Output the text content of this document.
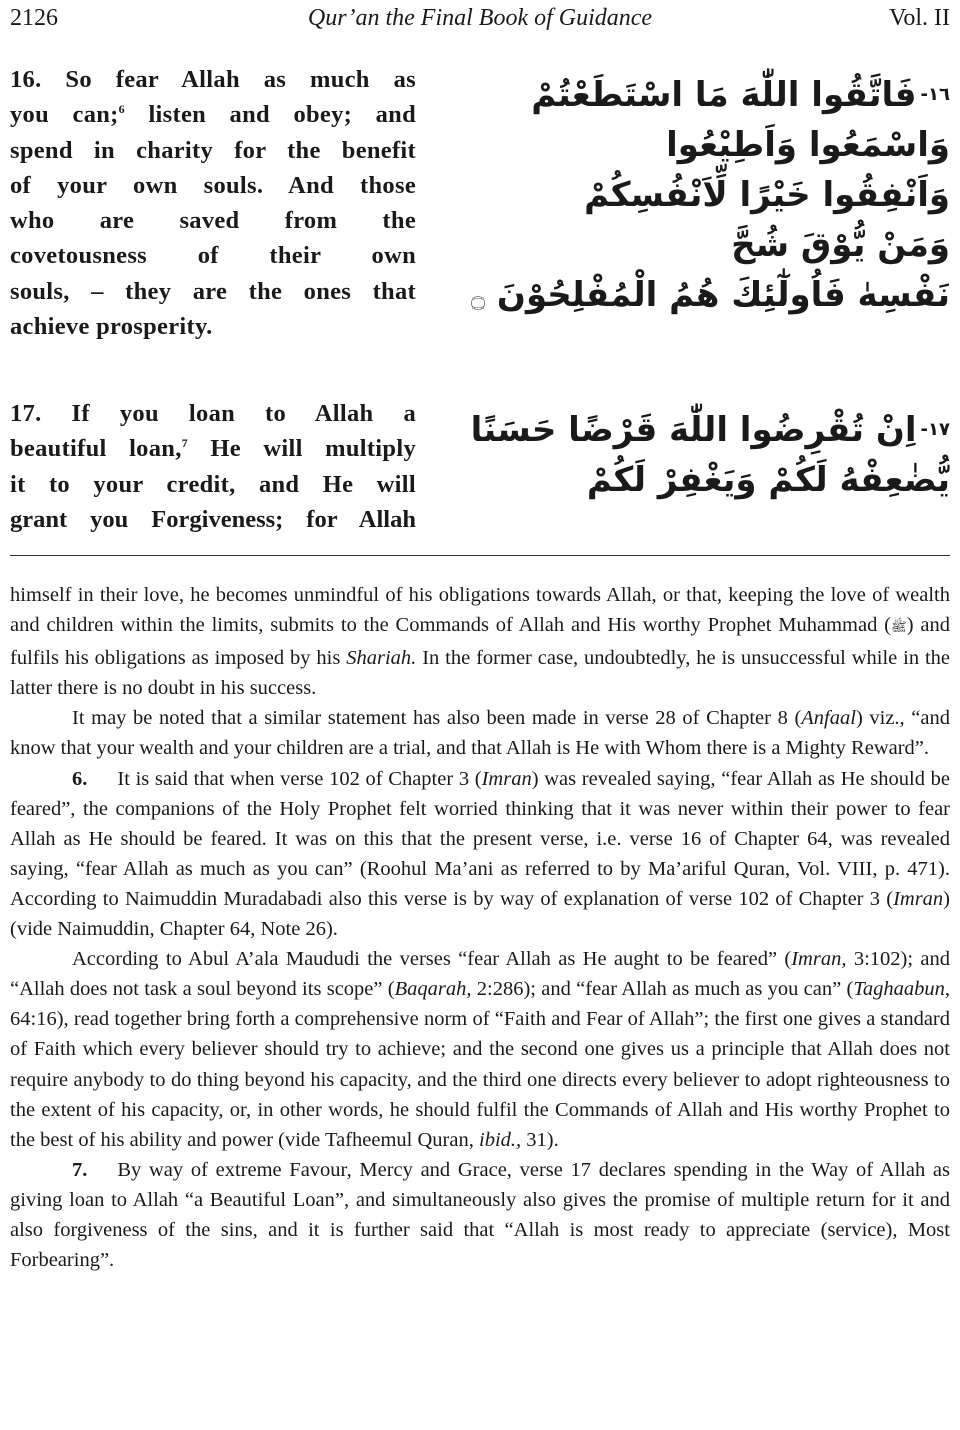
2126	Qur’an the Final Book of Guidance	Vol. II
16. So fear Allah as much as
you can;$^6$ listen and obey; and
spend in charity for the benefit
of your own souls. And those
who are saved from the
covetousness of their own
souls, – they are the ones that
achieve prosperity.
$^{١٦-}$فَاتَّقُوا اللّٰهَ مَا اسْتَطَعْتُمْ
وَاسْمَعُوا وَاَطِيْعُوا
وَاَنْفِقُوا خَيْرًا لِّاَنْفُسِكُمْ
وَمَنْ يُّوْقَ شُحَّ
نَفْسِهٰ فَاُولٰٓئِكَ هُمُ الْمُفْلِحُوْنَ ۝
17. If you loan to Allah a
beautiful loan,$^7$ He will multiply
it to your credit, and He will
grant you Forgiveness; for Allah
$^{١٧-}$اِنْ تُقْرِضُوا اللّٰهَ قَرْضًا حَسَنًا
يُّضٰعِفْهُ لَكُمْ وَيَغْفِرْ لَكُمْ

himself in their love, he becomes unmindful of his obligations towards Allah, or that, keeping the love of wealth and children within the limits, submits to the Commands of Allah and His worthy Prophet Muhammad (ﷺ) and fulfils his obligations as imposed by his Shariah. In the former case, undoubtedly, he is unsuccessful while in the latter there is no doubt in his success.

It may be noted that a similar statement has also been made in verse 28 of Chapter 8 (Anfaal) viz., “and know that your wealth and your children are a trial, and that Allah is He with Whom there is a Mighty Reward”.

6. It is said that when verse 102 of Chapter 3 (Imran) was revealed saying, “fear Allah as He should be feared”, the companions of the Holy Prophet felt worried thinking that it was never within their power to fear Allah as He should be feared. It was on this that the present verse, i.e. verse 16 of Chapter 64, was revealed saying, “fear Allah as much as you can” (Roohul Ma’ani as referred to by Ma’ariful Quran, Vol. VIII, p. 471). According to Naimuddin Muradabadi also this verse is by way of explanation of verse 102 of Chapter 3 (Imran) (vide Naimuddin, Chapter 64, Note 26).

According to Abul A’ala Maududi the verses “fear Allah as He aught to be feared” (Imran, 3:102); and “Allah does not task a soul beyond its scope” (Baqarah, 2:286); and “fear Allah as much as you can” (Taghaabun, 64:16), read together bring forth a comprehensive norm of “Faith and Fear of Allah”; the first one gives a standard of Faith which every believer should try to achieve; and the second one gives us a principle that Allah does not require anybody to do thing beyond his capacity, and the third one directs every believer to adopt righteousness to the extent of his capacity, or, in other words, he should fulfil the Commands of Allah and His worthy Prophet to the best of his ability and power (vide Tafheemul Quran, ibid., 31).

7. By way of extreme Favour, Mercy and Grace, verse 17 declares spending in the Way of Allah as giving loan to Allah “a Beautiful Loan”, and simultaneously also gives the promise of multiple return for it and also forgiveness of the sins, and it is further said that “Allah is most ready to appreciate (service), Most Forbearing”.
